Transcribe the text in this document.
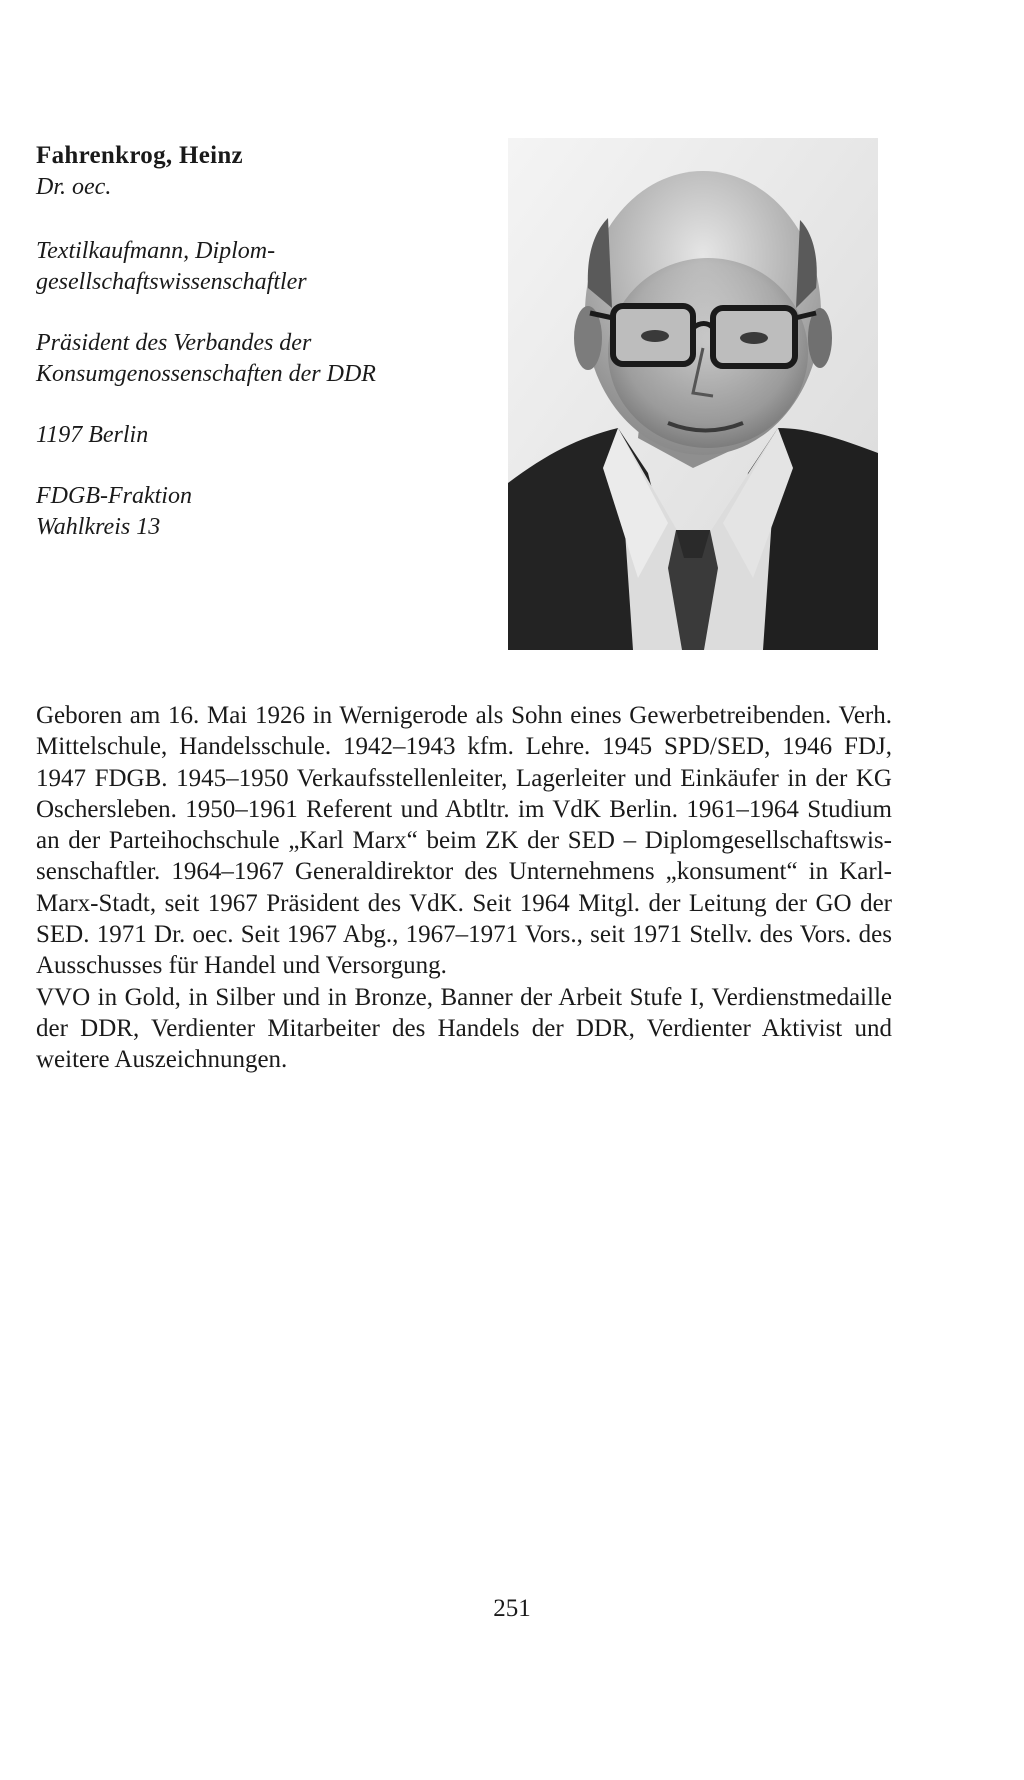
Fahrenkrog, Heinz

Dr. oec.

Textilkaufmann, Diplom-

gesellschaftswissenschaftler

Präsident des Verbandes der

Konsumgenossenschaften der DDR

1197 Berlin

FDGB-Fraktion

Wahlkreis 13

Geboren am 16. Mai 1926 in Wernigerode als Sohn eines Gewerbetreibenden. Verh. Mittelschule, Handelsschule. 1942–1943 kfm. Lehre. 1945 SPD/SED, 1946 FDJ, 1947 FDGB. 1945–1950 Verkaufsstellenleiter, Lagerleiter und Einkäufer in der KG Oschersleben. 1950–1961 Referent und Abtltr. im VdK Berlin. 1961–1964 Studium an der Parteihochschule „Karl Marx“ beim ZK der SED – Diplomgesellschaftswissenschaftler. 1964–1967 Generaldirektor des Unternehmens „konsument“ in Karl-Marx-Stadt, seit 1967 Präsident des VdK. Seit 1964 Mitgl. der Leitung der GO der SED. 1971 Dr. oec. Seit 1967 Abg., 1967–1971 Vors., seit 1971 Stellv. des Vors. des Ausschusses für Handel und Versorgung.

VVO in Gold, in Silber und in Bronze, Banner der Arbeit Stufe I, Verdienstmedaille der DDR, Verdienter Mitarbeiter des Handels der DDR, Verdienter Aktivist und weitere Auszeichnungen.

251
